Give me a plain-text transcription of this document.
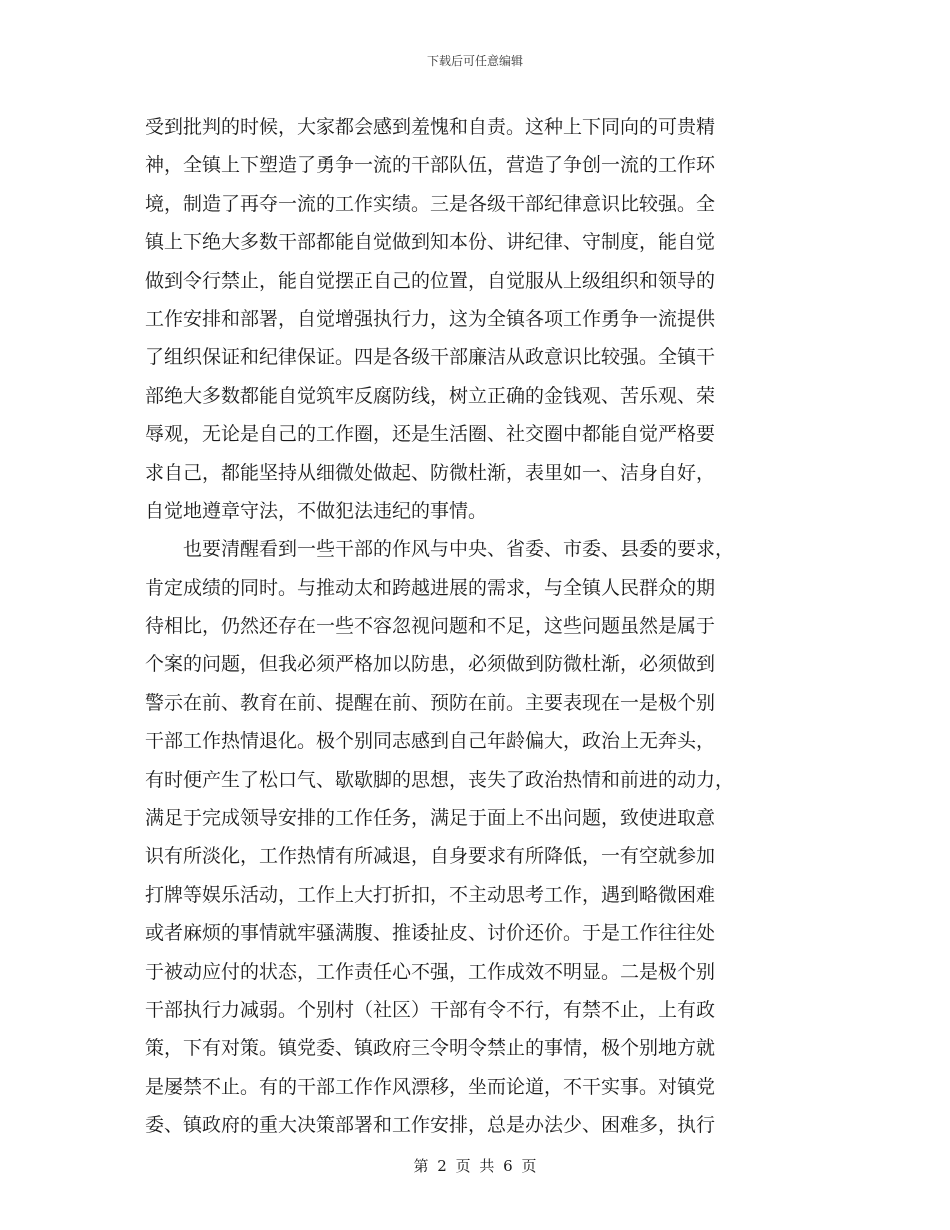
下载后可任意编辑
受到批判的时候，大家都会感到羞愧和自责。这种上下同向的可贵精
神，全镇上下塑造了勇争一流的干部队伍，营造了争创一流的工作环
境，制造了再夺一流的工作实绩。三是各级干部纪律意识比较强。全
镇上下绝大多数干部都能自觉做到知本份、讲纪律、守制度，能自觉
做到令行禁止，能自觉摆正自己的位置，自觉服从上级组织和领导的
工作安排和部署，自觉增强执行力，这为全镇各项工作勇争一流提供
了组织保证和纪律保证。四是各级干部廉洁从政意识比较强。全镇干
部绝大多数都能自觉筑牢反腐防线，树立正确的金钱观、苦乐观、荣
辱观，无论是自己的工作圈，还是生活圈、社交圈中都能自觉严格要
求自己，都能坚持从细微处做起、防微杜渐，表里如一、洁身自好，
自觉地遵章守法，不做犯法违纪的事情。
也要清醒看到一些干部的作风与中央、省委、市委、县委的要求，
肯定成绩的同时。与推动太和跨越进展的需求，与全镇人民群众的期
待相比，仍然还存在一些不容忽视问题和不足，这些问题虽然是属于
个案的问题，但我必须严格加以防患，必须做到防微杜渐，必须做到
警示在前、教育在前、提醒在前、预防在前。主要表现在一是极个别
干部工作热情退化。极个别同志感到自己年龄偏大，政治上无奔头，
有时便产生了松口气、歇歇脚的思想，丧失了政治热情和前进的动力，
满足于完成领导安排的工作任务，满足于面上不出问题，致使进取意
识有所淡化，工作热情有所减退，自身要求有所降低，一有空就参加
打牌等娱乐活动，工作上大打折扣，不主动思考工作，遇到略微困难
或者麻烦的事情就牢骚满腹、推诿扯皮、讨价还价。于是工作往往处
于被动应付的状态，工作责任心不强，工作成效不明显。二是极个别
干部执行力减弱。个别村（社区）干部有令不行，有禁不止，上有政
策，下有对策。镇党委、镇政府三令明令禁止的事情，极个别地方就
是屡禁不止。有的干部工作作风漂移，坐而论道，不干实事。对镇党
委、镇政府的重大决策部署和工作安排，总是办法少、困难多，执行
第 2 页 共 6 页
